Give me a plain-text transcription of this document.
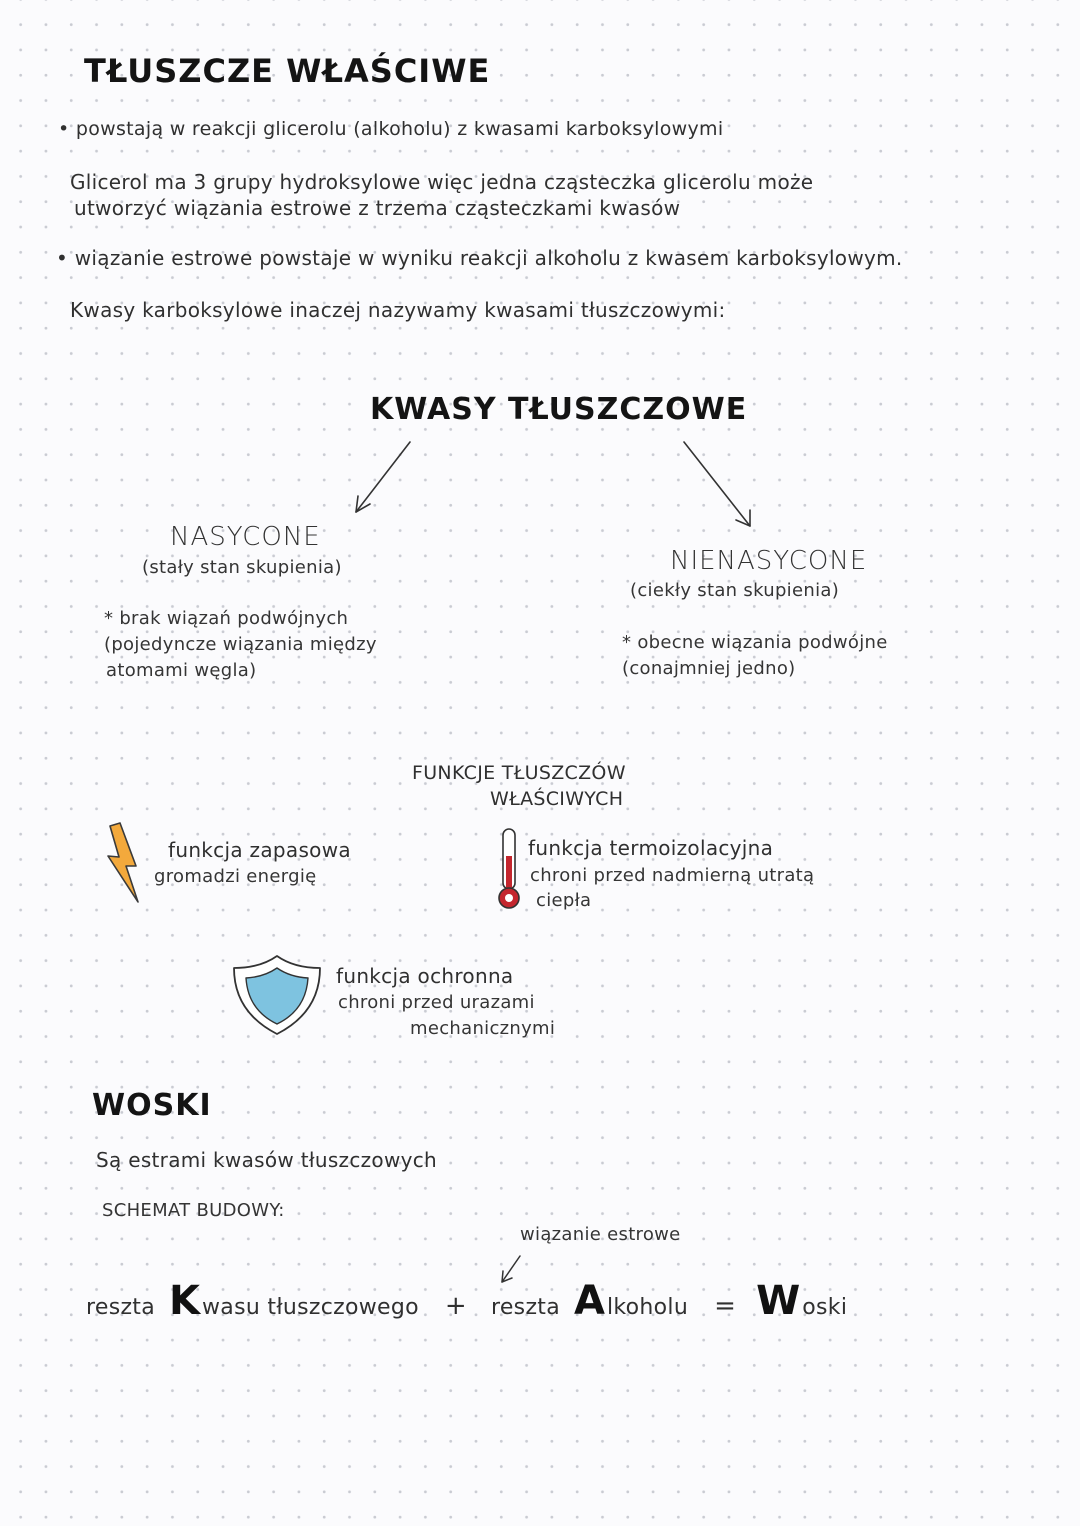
TŁUSZCZE WŁAŚCIWE
• powstają w reakcji glicerolu (alkoholu) z kwasami karboksylowymi
Glicerol ma 3 grupy hydroksylowe więc jedna cząsteczka glicerolu może
utworzyć wiązania estrowe z trzema cząsteczkami kwasów
• wiązanie estrowe powstaje w wyniku reakcji alkoholu z kwasem karboksylowym.
Kwasy karboksylowe inaczej nazywamy kwasami tłuszczowymi:
KWASY TŁUSZCZOWE
NASYCONE
(stały stan skupienia)
* brak wiązań podwójnych
(pojedyncze wiązania między
atomami węgla)
NIENASYCONE
(ciekły stan skupienia)
* obecne wiązania podwójne
(conajmniej jedno)
FUNKCJE TŁUSZCZÓW
WŁAŚCIWYCH
funkcja zapasowa
gromadzi energię
funkcja termoizolacyjna
chroni przed nadmierną utratą
ciepła
funkcja ochronna
chroni przed urazami
mechanicznymi
WOSKI
Są estrami kwasów tłuszczowych
SCHEMAT BUDOWY:
wiązanie estrowe
reszta K wasu tłuszczowego + reszta A lkoholu = W oski
